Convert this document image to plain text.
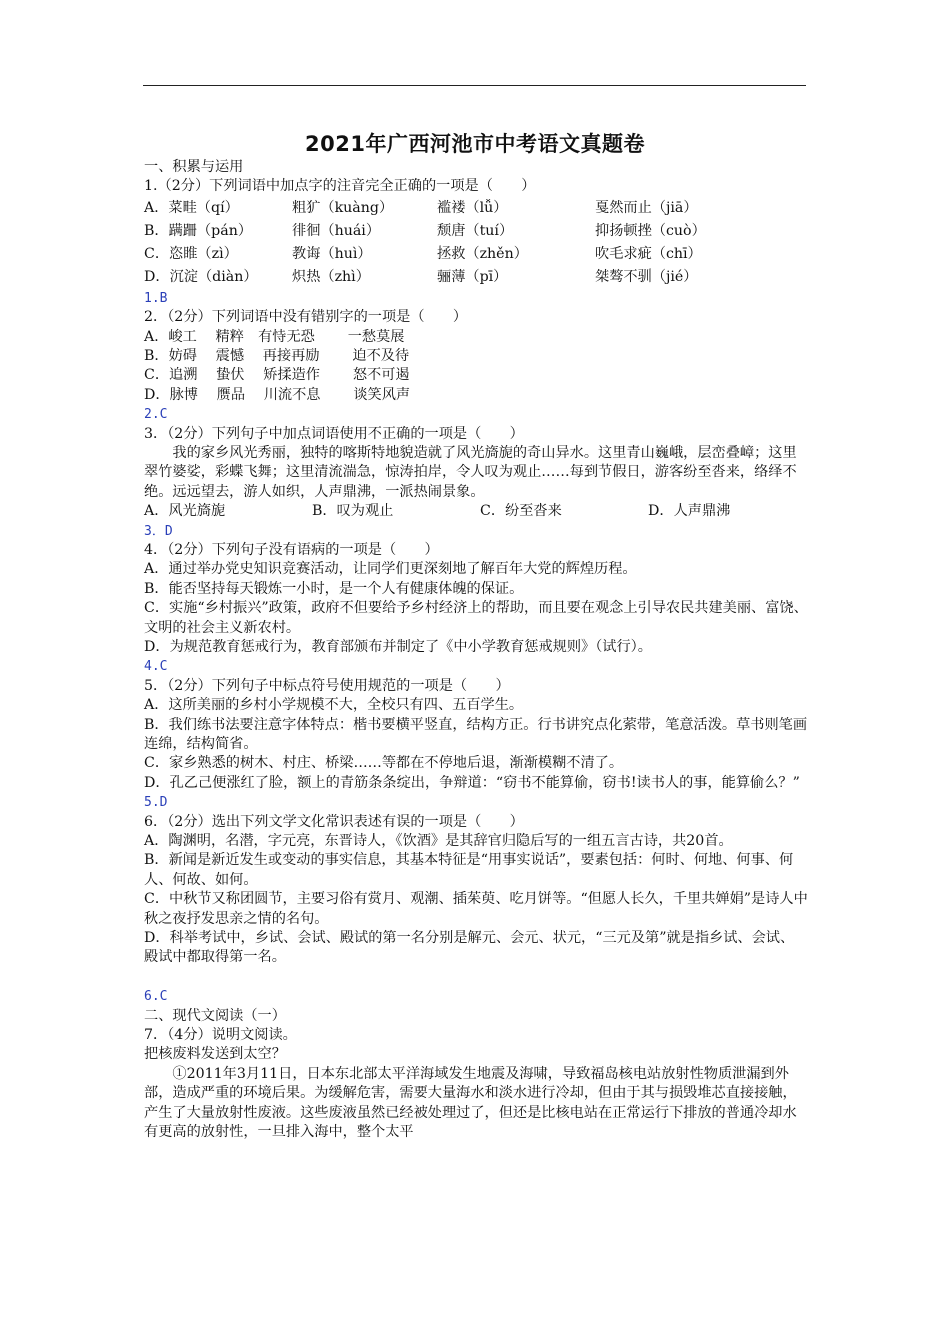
2021年广西河池市中考语文真题卷
一、积累与运用
1.（2分）下列词语中加点字的注音完全正确的一项是（　　）
A．菜畦（qí）	粗犷（kuàng）	褴褛（lǚ）	戛然而止（jiā）
B．蹒跚（pán）	徘徊（huái）	颓唐（tuí）	抑扬顿挫（cuò）
C．恣睢（zì）	教诲（huì）	拯救（zhěn）	吹毛求疵（chī）
D．沉淀（diàn）	炽热（zhì）	骊薄（pī）	桀骜不驯（jié）
1.B
2．（2分）下列词语中没有错别字的一项是（　　）
A．峻工　 精粹　有恃无恐　　 一愁莫展
B．妨碍　 震憾　 再接再励　　 迫不及待
C．追溯　 蛰伏　 矫揉造作　　 怒不可遏
D．脉博　 赝品　 川流不息　　 谈笑风声
2.C
3．（2分）下列句子中加点词语使用不正确的一项是（　　）
我的家乡风光秀丽，独特的喀斯特地貌造就了风光旖旎的奇山异水。这里青山巍峨，层峦叠嶂；这里翠竹婆娑，彩蝶飞舞；这里清流湍急，惊涛拍岸，令人叹为观止……每到节假日，游客纷至沓来，络绎不绝。远远望去，游人如织，人声鼎沸，一派热闹景象。
A．风光旖旎	B．叹为观止	C．纷至沓来	D．人声鼎沸
3．D
4．（2分）下列句子没有语病的一项是（　　）
A．通过举办党史知识竞赛活动，让同学们更深刻地了解百年大党的辉煌历程。
B．能否坚持每天锻炼一小时，是一个人有健康体魄的保证。
C．实施“乡村振兴”政策，政府不但要给予乡村经济上的帮助，而且要在观念上引导农民共建美丽、富饶、文明的社会主义新农村。
D．为规范教育惩戒行为，教育部颁布并制定了《中小学教育惩戒规则》（试行）。
4.C
5．（2分）下列句子中标点符号使用规范的一项是（　　）
A．这所美丽的乡村小学规模不大，全校只有四、五百学生。
B．我们练书法要注意字体特点：楷书要横平竖直，结构方正。行书讲究点化萦带，笔意活泼。草书则笔画连绵，结构简省。
C．家乡熟悉的树木、村庄、桥梁……等都在不停地后退，渐渐模糊不清了。
D．孔乙己便涨红了脸，额上的青筋条条绽出，争辩道：“窃书不能算偷，窃书!读书人的事，能算偷么？”
5.D
6．（2分）选出下列文学文化常识表述有误的一项是（　　）
A．陶渊明，名潜，字元亮，东晋诗人，《饮酒》是其辞官归隐后写的一组五言古诗，共20首。
B．新闻是新近发生或变动的事实信息，其基本特征是“用事实说话”，要素包括：何时、何地、何事、何人、何故、如何。
C．中秋节又称团圆节，主要习俗有赏月、观潮、插茱萸、吃月饼等。“但愿人长久，千里共婵娟”是诗人中秋之夜抒发思亲之情的名句。
D．科举考试中，乡试、会试、殿试的第一名分别是解元、会元、状元，“三元及第”就是指乡试、会试、殿试中都取得第一名。
6.C
二、现代文阅读（一）
7．（4分）说明文阅读。
把核废料发送到太空？
①2011年3月11日，日本东北部太平洋海域发生地震及海啸，导致福岛核电站放射性物质泄漏到外部，造成严重的环境后果。为缓解危害，需要大量海水和淡水进行冷却，但由于其与损毁堆芯直接接触，产生了大量放射性废液。这些废液虽然已经被处理过了，但还是比核电站在正常运行下排放的普通冷却水有更高的放射性，一旦排入海中，整个太平
